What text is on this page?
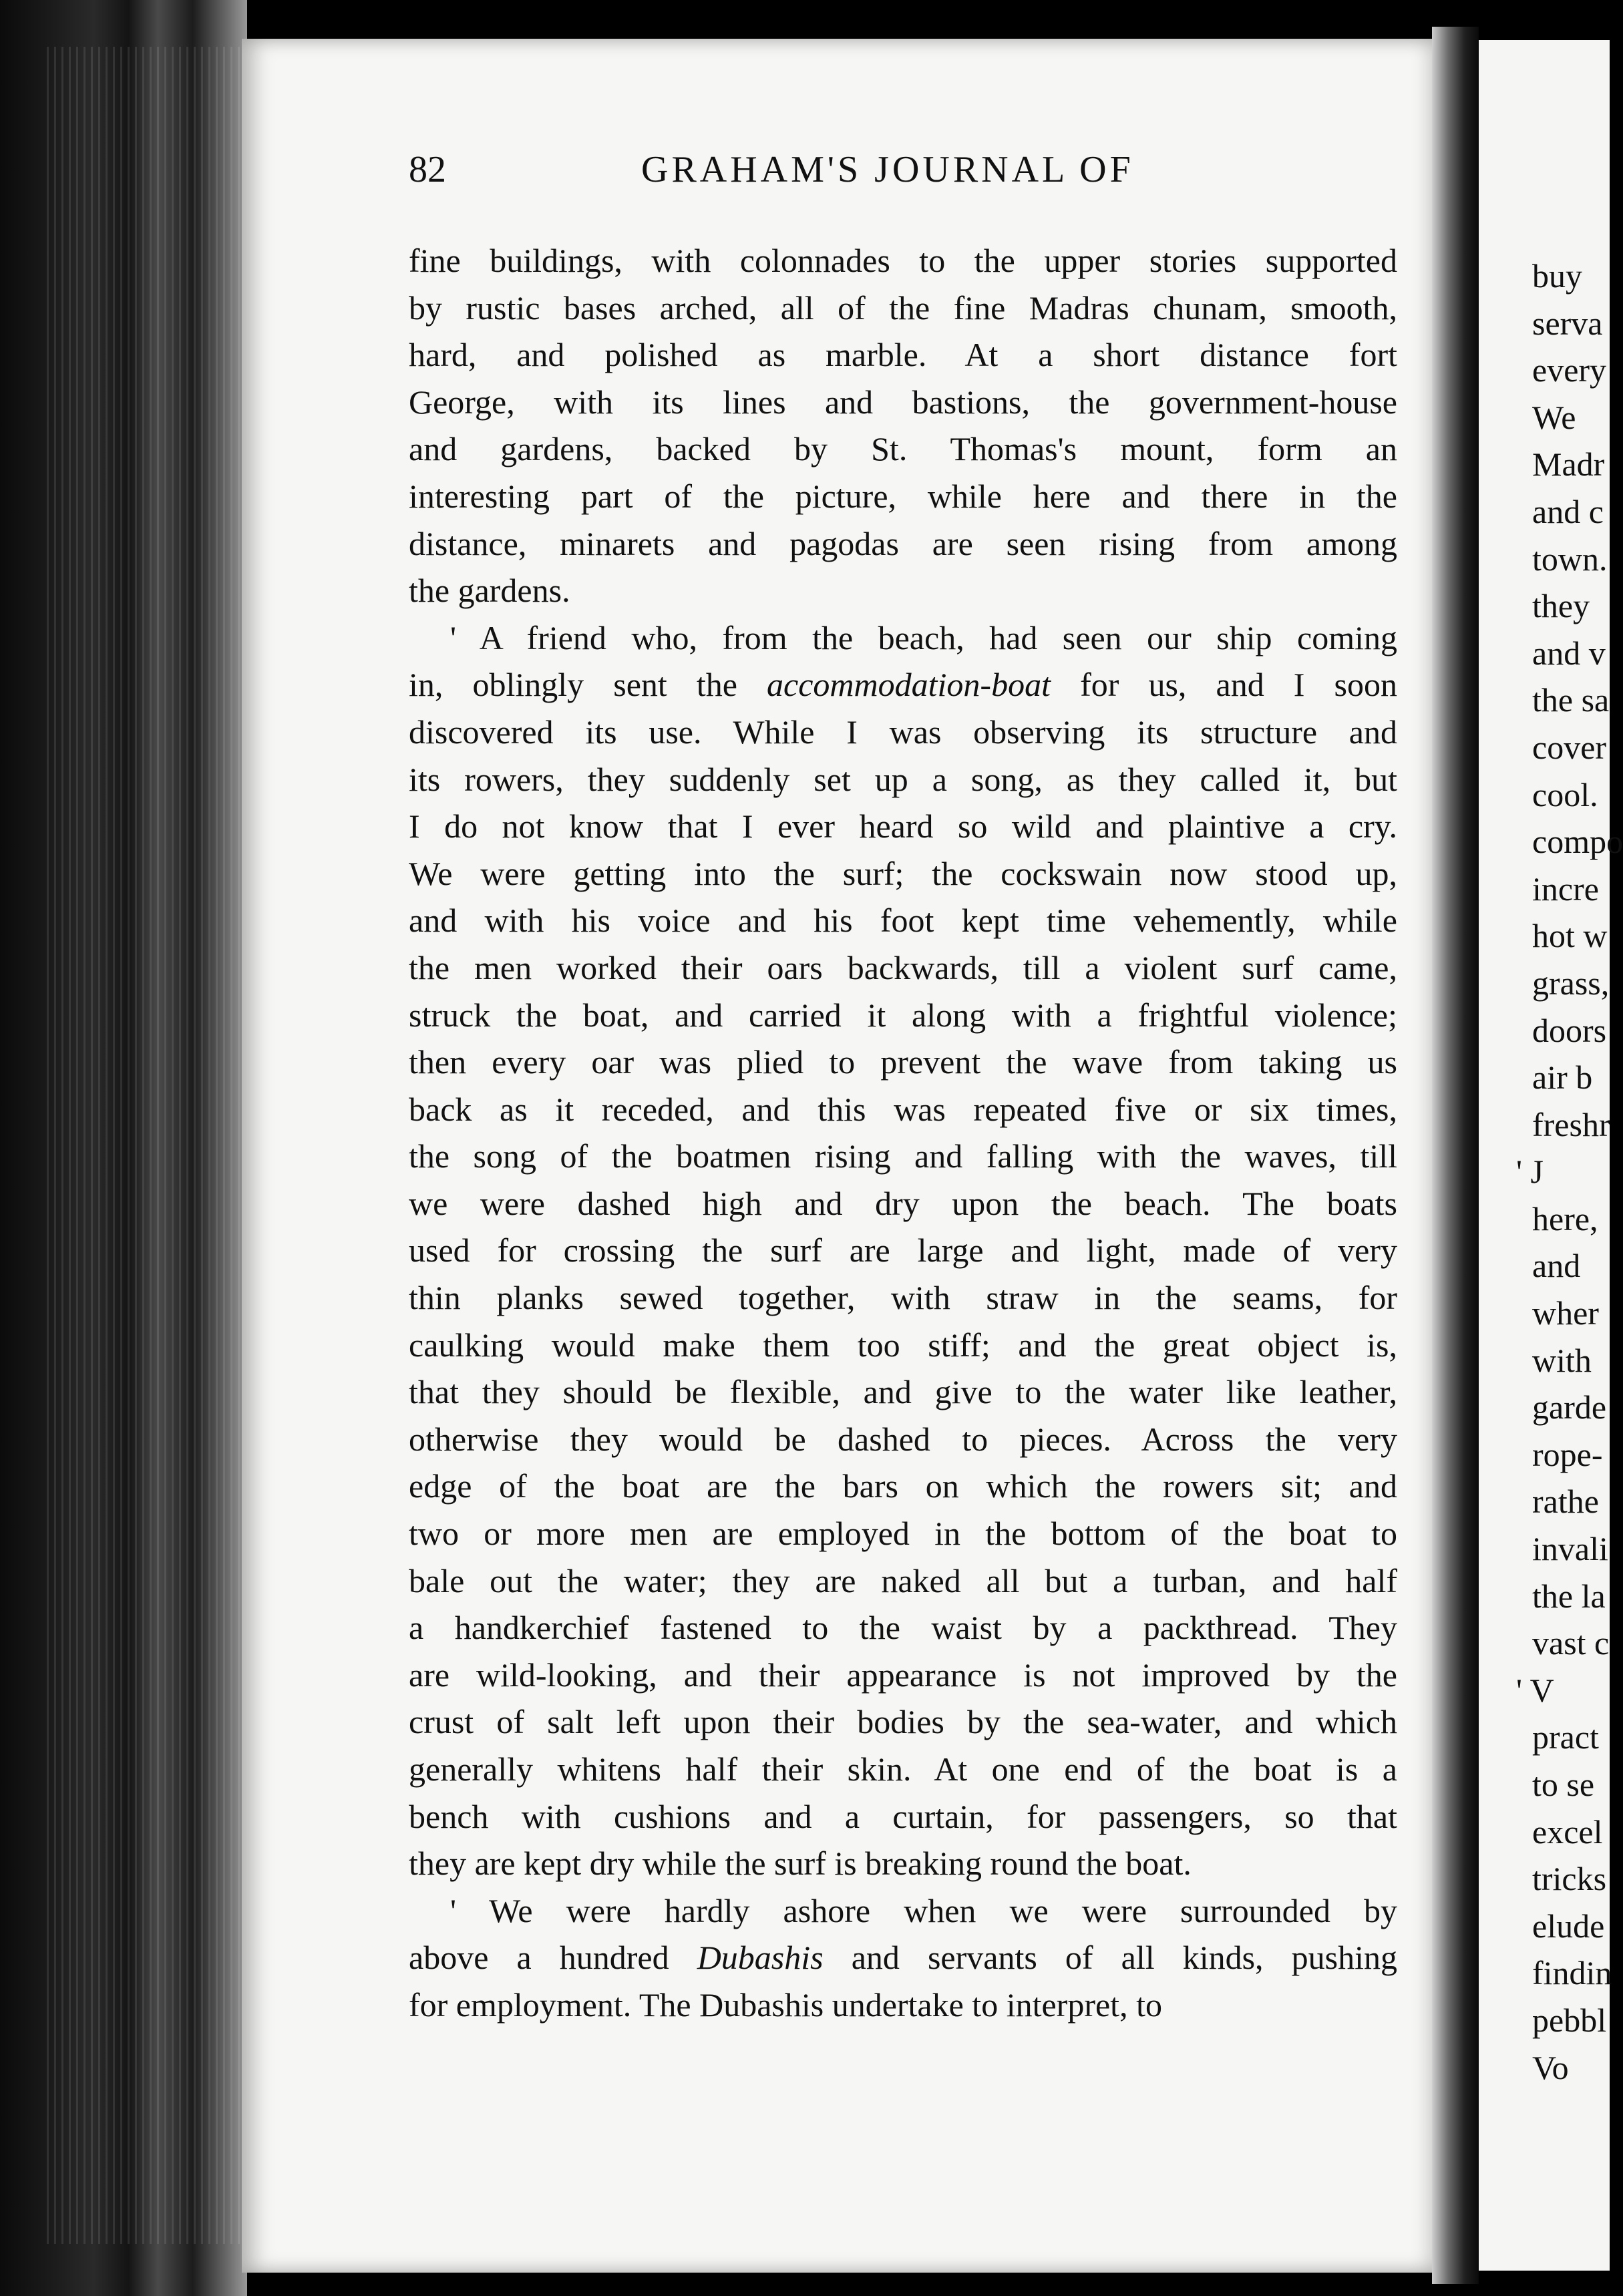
buy
serva
every
We
Madr
and c
town.
they
and v
the sa
cover
cool.
compo
incre
hot w
grass,
doors
air b
freshr
' J
here,
and
wher
with
garde
rope-
rathe
invali
the la
vast c
' V
pract
to se
excel
tricks
elude
findin
pebbl
Vo
82	GRAHAM'S JOURNAL OF
fine buildings, with colonnades to the upper stories supported
by rustic bases arched, all of the fine Madras chunam, smooth,
hard, and polished as marble. At a short distance fort
George, with its lines and bastions, the government-house
and gardens, backed by St. Thomas's mount, form an
interesting part of the picture, while here and there in the
distance, minarets and pagodas are seen rising from among
the gardens.
' A friend who, from the beach, had seen our ship coming
in, oblingly sent the accommodation-boat for us, and I soon
discovered its use. While I was observing its structure and
its rowers, they suddenly set up a song, as they called it, but
I do not know that I ever heard so wild and plaintive a cry.
We were getting into the surf; the cockswain now stood up,
and with his voice and his foot kept time vehemently, while
the men worked their oars backwards, till a violent surf came,
struck the boat, and carried it along with a frightful violence;
then every oar was plied to prevent the wave from taking us
back as it receded, and this was repeated five or six times,
the song of the boatmen rising and falling with the waves, till
we were dashed high and dry upon the beach. The boats
used for crossing the surf are large and light, made of very
thin planks sewed together, with straw in the seams, for
caulking would make them too stiff; and the great object is,
that they should be flexible, and give to the water like leather,
otherwise they would be dashed to pieces. Across the very
edge of the boat are the bars on which the rowers sit; and
two or more men are employed in the bottom of the boat to
bale out the water; they are naked all but a turban, and half
a handkerchief fastened to the waist by a packthread. They
are wild-looking, and their appearance is not improved by the
crust of salt left upon their bodies by the sea-water, and which
generally whitens half their skin. At one end of the boat is a
bench with cushions and a curtain, for passengers, so that
they are kept dry while the surf is breaking round the boat.
' We were hardly ashore when we were surrounded by
above a hundred Dubashis and servants of all kinds, pushing
for employment. The Dubashis undertake to interpret, to
